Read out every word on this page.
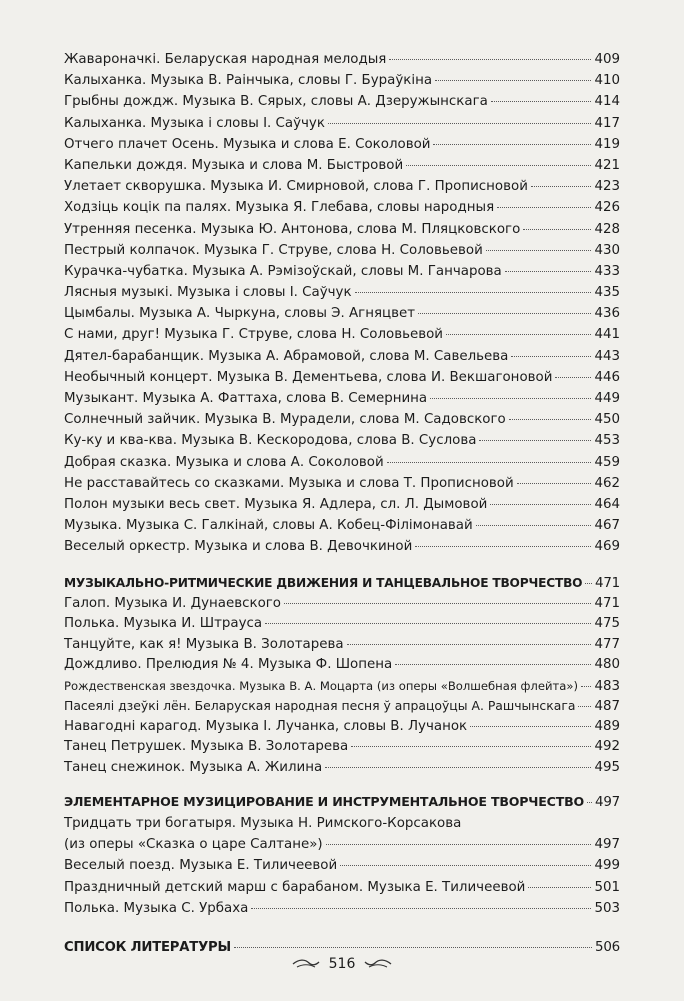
Жавароначкі. Беларуская народная мелодыя	409
Калыханка. Музыка В. Раінчыка, словы Г. Бураўкіна	410
Грыбны дождж. Музыка В. Сярых, словы А. Дзеружынскага	414
Калыханка. Музыка і словы І. Саўчук	417
Отчего плачет Осень. Музыка и слова Е. Соколовой	419
Капельки дождя. Музыка и слова М. Быстровой	421
Улетает скворушка. Музыка И. Смирновой, слова Г. Прописновой	423
Ходзіць коцік па палях. Музыка Я. Глебава, словы народныя	426
Утренняя песенка. Музыка Ю. Антонова, слова М. Пляцковского	428
Пестрый колпачок. Музыка Г. Струве, слова Н. Соловьевой	430
Курачка-чубатка. Музыка А. Рэмізоўскай, словы М. Ганчарова	433
Лясныя музыкі. Музыка і словы І. Саўчук	435
Цымбалы. Музыка А. Чыркуна, словы Э. Агняцвет	436
С нами, друг! Музыка Г. Струве, слова Н. Соловьевой	441
Дятел-барабанщик. Музыка А. Абрамовой, слова М. Савельева	443
Необычный концерт. Музыка В. Дементьева, слова И. Векшагоновой	446
Музыкант. Музыка А. Фаттаха, слова В. Семернина	449
Солнечный зайчик. Музыка В. Мурадели, слова М. Садовского	450
Ку-ку и ква-ква. Музыка В. Кескородова, слова В. Суслова	453
Добрая сказка. Музыка и слова А. Соколовой	459
Не расставайтесь со сказками. Музыка и слова Т. Прописновой	462
Полон музыки весь свет. Музыка Я. Адлера, сл. Л. Дымовой	464
Музыка. Музыка С. Галкінай, словы А. Кобец-Філімонавай	467
Веселый оркестр. Музыка и слова В. Девочкиной	469
МУЗЫКАЛЬНО-РИТМИЧЕСКИЕ ДВИЖЕНИЯ И ТАНЦЕВАЛЬНОЕ ТВОРЧЕСТВО 471
Галоп. Музыка И. Дунаевского	471
Полька. Музыка И. Штрауса	475
Танцуйте, как я! Музыка В. Золотарева	477
Дождливо. Прелюдия № 4. Музыка Ф. Шопена	480
Рождественская звездочка. Музыка В. А. Моцарта (из оперы «Волшебная флейта») 483
Пасеялі дзеўкі лён. Беларуская народная песня ў апрацоўцы А. Рашчынскага 487
Навагодні карагод. Музыка І. Лучанка, словы В. Лучанок	489
Танец Петрушек. Музыка В. Золотарева	492
Танец снежинок. Музыка А. Жилина	495
ЭЛЕМЕНТАРНОЕ МУЗИЦИРОВАНИЕ И ИНСТРУМЕНТАЛЬНОЕ ТВОРЧЕСТВО 497
Тридцать три богатыря. Музыка Н. Римского-Корсакова
(из оперы «Сказка о царе Салтане»)	497
Веселый поезд. Музыка Е. Тиличеевой	499
Праздничный детский марш с барабаном. Музыка Е. Тиличеевой	501
Полька. Музыка С. Урбаха	503
СПИСОК ЛИТЕРАТУРЫ	506
516
